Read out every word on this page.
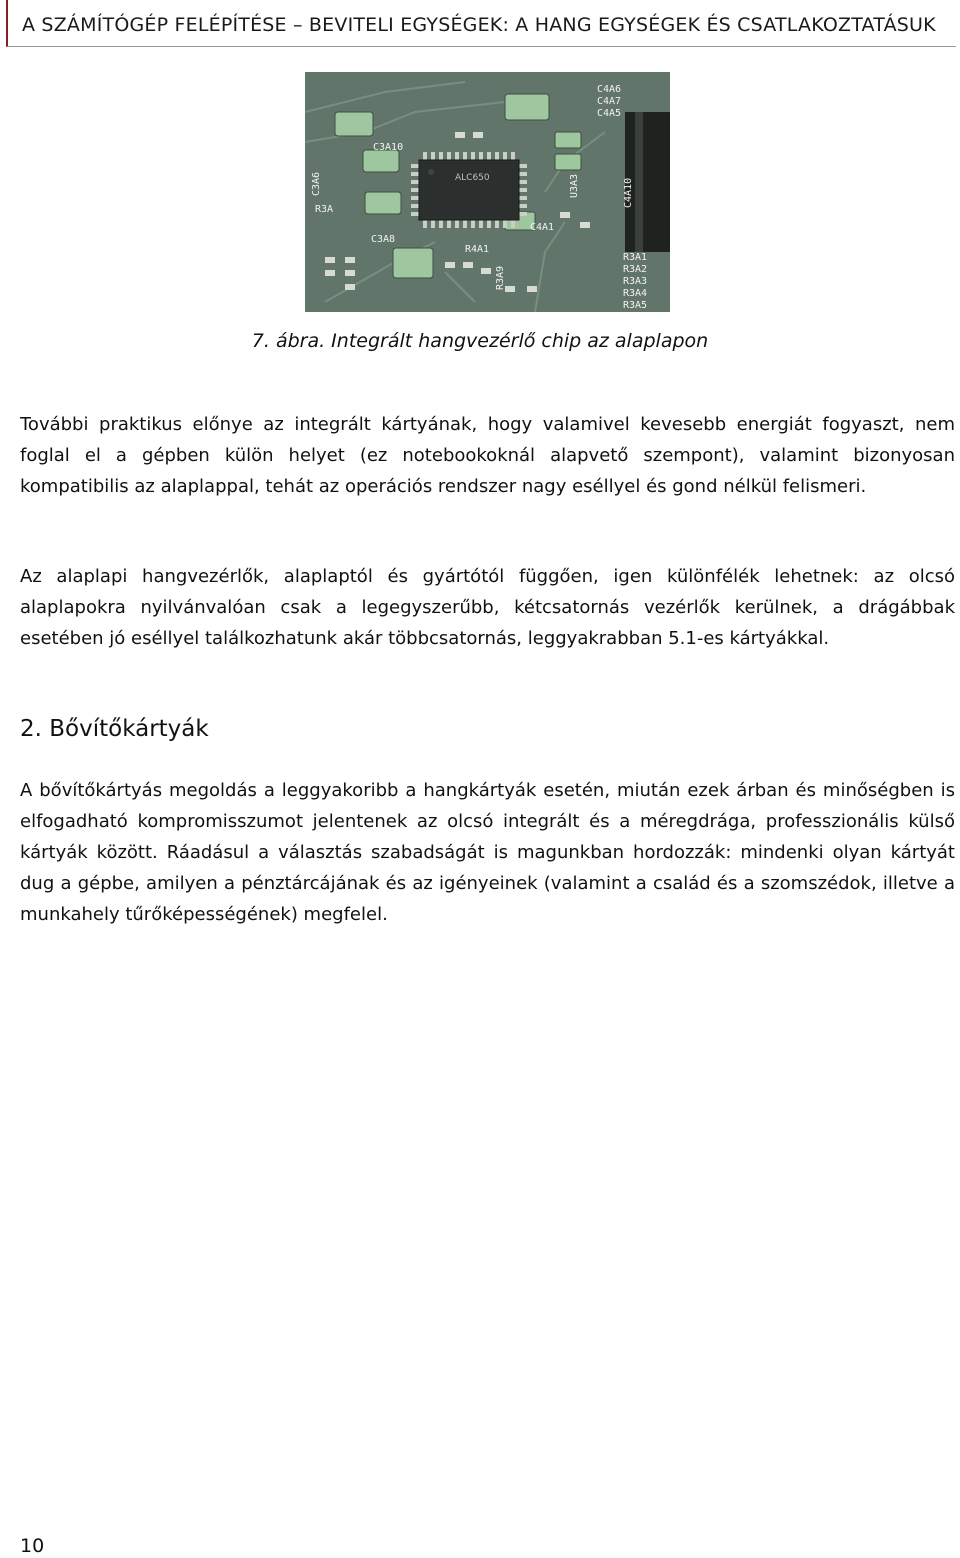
A SZÁMÍTÓGÉP FELÉPÍTÉSE – BEVITELI EGYSÉGEK: A HANG EGYSÉGEK ÉS CSATLAKOZTATÁSUK
ALC650
C3A10
C3A6
R3A
C3A8
C4A6
C4A7
C4A5
C4A10
U3A3
C4A1
R4A1
R3A9
R3A1
R3A2
R3A3
R3A4
R3A5
7. ábra. Integrált hangvezérlő chip az alaplapon

További praktikus előnye az integrált kártyának, hogy valamivel kevesebb energiát fogyaszt, nem foglal el a gépben külön helyet (ez notebookoknál alapvető szempont), valamint bizonyosan kompatibilis az alaplappal, tehát az operációs rendszer nagy eséllyel és gond nélkül felismeri.

Az alaplapi hangvezérlők, alaplaptól és gyártótól függően, igen különfélék lehetnek: az olcsó alaplapokra nyilvánvalóan csak a legegyszerűbb, kétcsatornás vezérlők kerülnek, a drágábbak esetében jó eséllyel találkozhatunk akár többcsatornás, leggyakrabban 5.1-es kártyákkal.

2. Bővítőkártyák

A bővítőkártyás megoldás a leggyakoribb a hangkártyák esetén, miután ezek árban és minőségben is elfogadható kompromisszumot jelentenek az olcsó integrált és a méregdrága, professzionális külső kártyák között. Ráadásul a választás szabadságát is magunkban hordozzák: mindenki olyan kártyát dug a gépbe, amilyen a pénztárcájának és az igényeinek (valamint a család és a szomszédok, illetve a munkahely tűrőképességének) megfelel.

10
